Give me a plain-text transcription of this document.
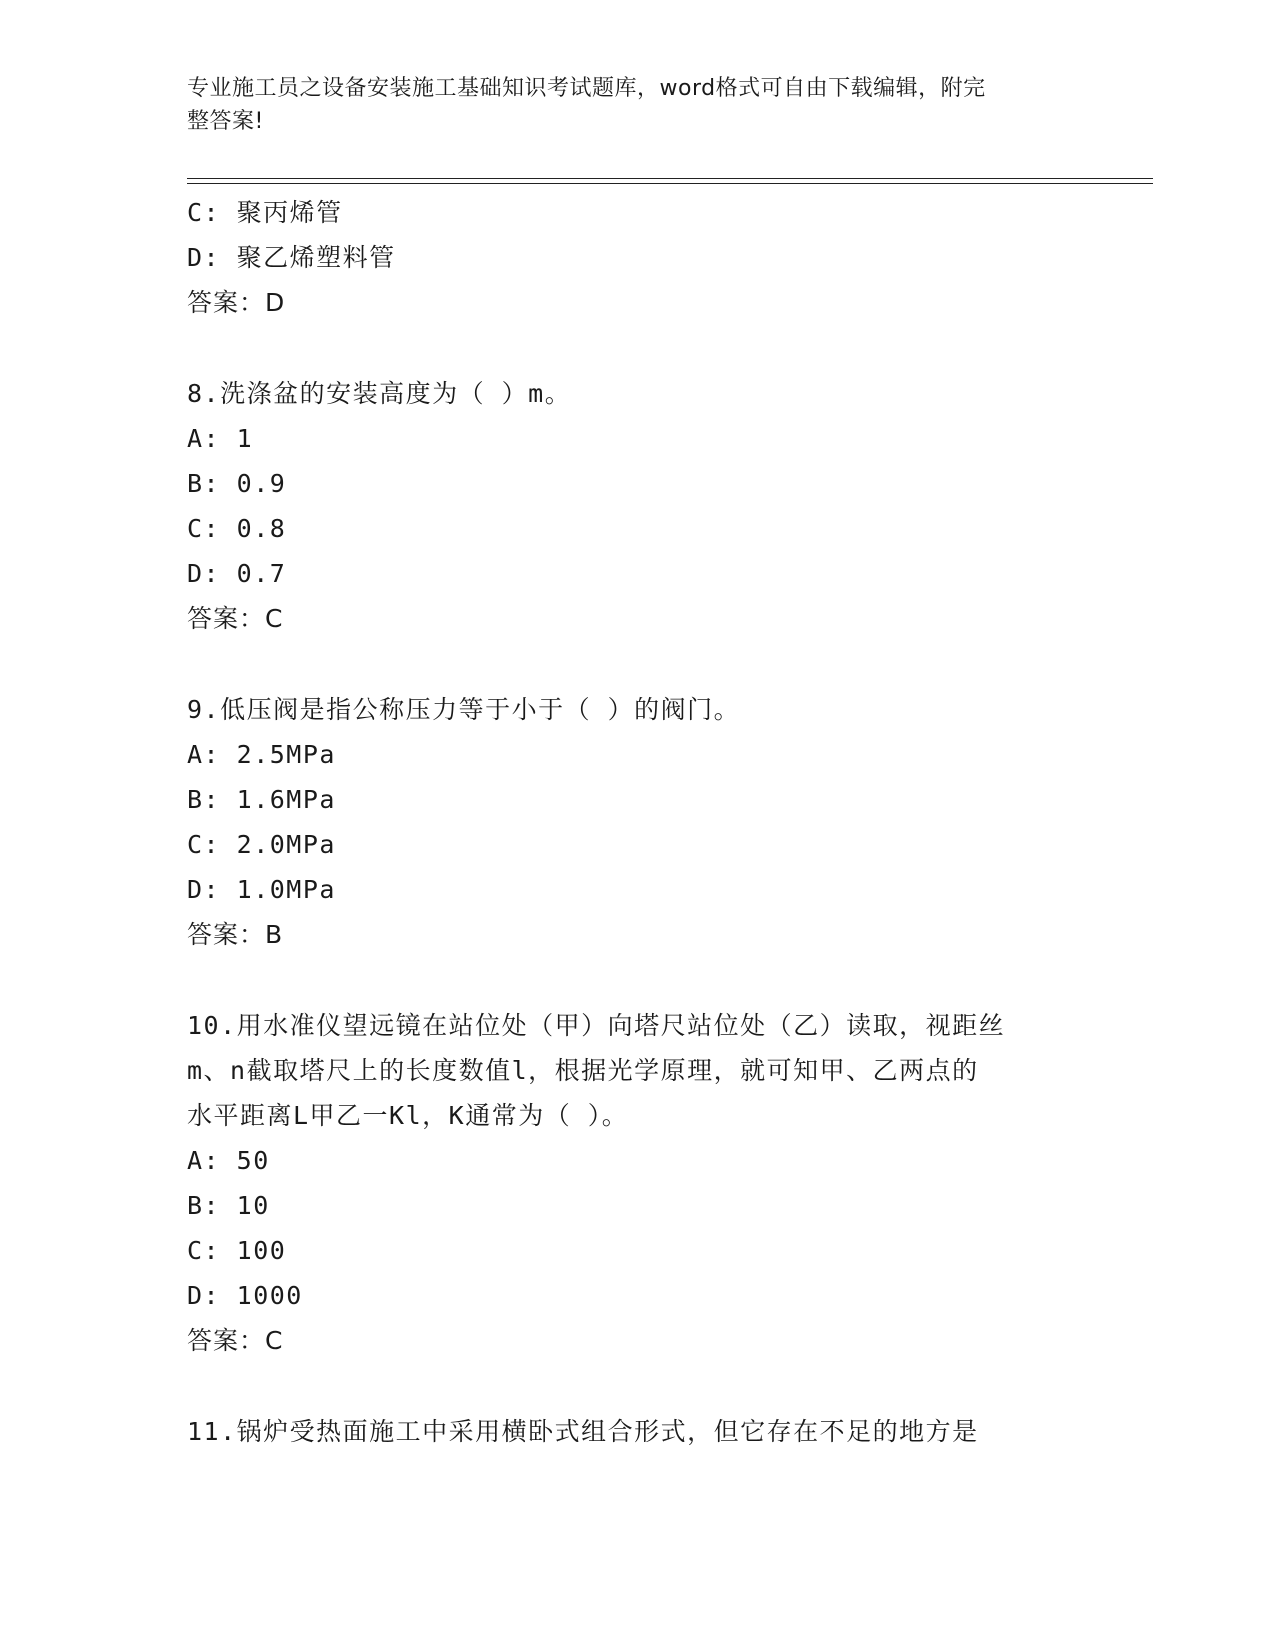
专业施工员之设备安装施工基础知识考试题库，word格式可自由下载编辑，附完
整答案!
C: 聚丙烯管
D: 聚乙烯塑料管
答案：D
8.洗涤盆的安装高度为（ ）m。
A: 1
B: 0.9
C: 0.8
D: 0.7
答案：C
9.低压阀是指公称压力等于小于（ ）的阀门。
A: 2.5MPa
B: 1.6MPa
C: 2.0MPa
D: 1.0MPa
答案：B
10.用水准仪望远镜在站位处（甲）向塔尺站位处（乙）读取，视距丝
m、n截取塔尺上的长度数值l，根据光学原理，就可知甲、乙两点的
水平距离L甲乙一Kl，K通常为（ ）。
A: 50
B: 10
C: 100
D: 1000
答案：C
11.锅炉受热面施工中采用横卧式组合形式，但它存在不足的地方是
